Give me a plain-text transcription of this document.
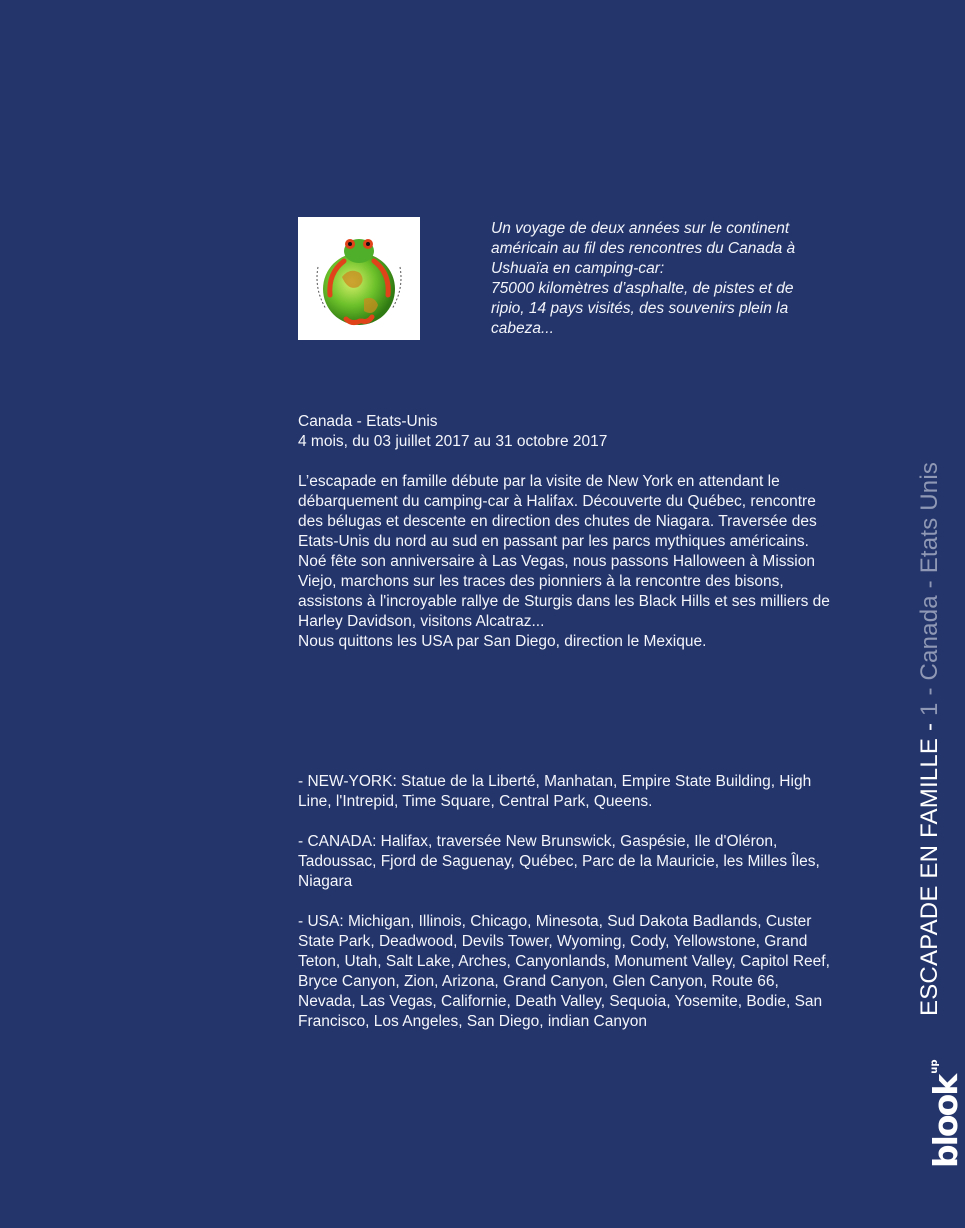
Un voyage de deux années sur le continent américain au fil des rencontres du Canada à Ushuaïa en camping-car:

75000 kilomètres d’asphalte, de pistes et de ripio, 14 pays visités, des souvenirs plein la cabeza...

Canada - Etats-Unis

4 mois, du 03 juillet 2017 au 31 octobre 2017

L’escapade en famille débute par la visite de New York en attendant le débarquement du camping-car à Halifax. Découverte du Québec, rencontre des bélugas et descente en direction des chutes de Niagara. Traversée des Etats-Unis du nord au sud en passant par les parcs mythiques américains. Noé fête son anniversaire à Las Vegas, nous passons Halloween à Mission Viejo, marchons sur les traces des pionniers à la rencontre des bisons, assistons à l'incroyable rallye de Sturgis dans les Black Hills et ses milliers de Harley Davidson, visitons Alcatraz...

Nous quittons les USA par San Diego, direction le Mexique.

- NEW-YORK: Statue de la Liberté, Manhatan, Empire State Building, High Line, l'Intrepid, Time Square, Central Park, Queens.

- CANADA: Halifax, traversée New Brunswick, Gaspésie, Ile d'Oléron, Tadoussac, Fjord de Saguenay, Québec, Parc de la Mauricie, les Milles Îles, Niagara

- USA: Michigan, Illinois, Chicago, Minesota, Sud Dakota Badlands, Custer State Park, Deadwood, Devils Tower, Wyoming, Cody, Yellowstone, Grand Teton, Utah, Salt Lake, Arches, Canyonlands, Monument Valley, Capitol Reef, Bryce Canyon, Zion, Arizona, Grand Canyon, Glen Canyon, Route 66, Nevada, Las Vegas, Californie, Death Valley, Sequoia, Yosemite, Bodie, San Francisco, Los Angeles, San Diego, indian Canyon

ESCAPADE EN FAMILLE - 1 - Canada - Etats Unis
blook$^{up}$
